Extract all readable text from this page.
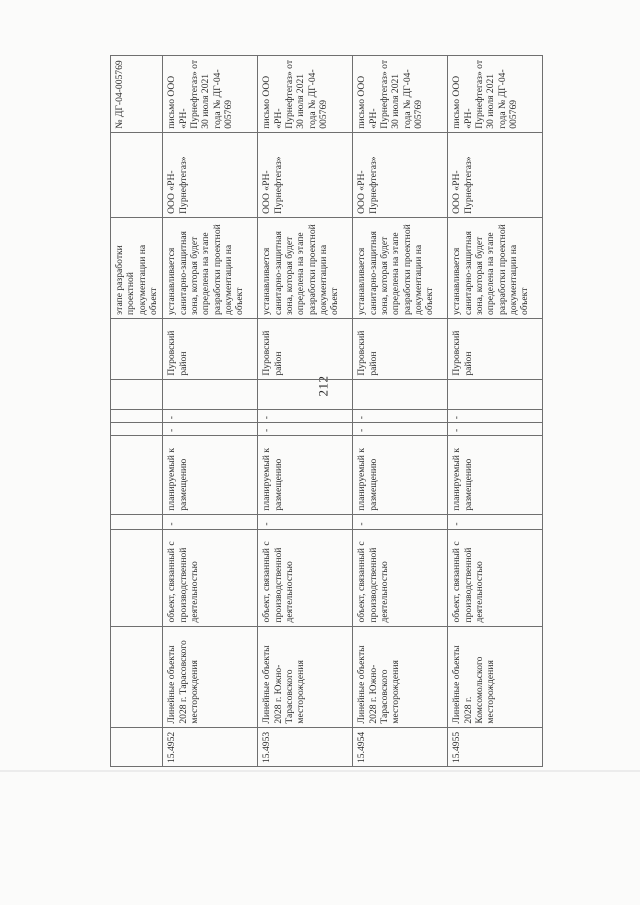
212
									этапе разработки проектной документации на объект		№ ДГ-04-005769
15.4952	Линейные объекты 2028 г. Тарасовского месторождения	объект, связанный с производственной деятельностью	-	планируемый к размещению	-	-		Пуровский район	устанавливается санитарно-защитная зона, которая будет определена на этапе разработки проектной документации на объект	ООО «РН-Пурнефтегаз»	письмо ООО «РН-Пурнефтегаз» от 30 июля 2021 года № ДГ-04-005769
15.4953	Линейные объекты 2028 г. Южно-Тарасовского месторождения	объект, связанный с производственной деятельностью	-	планируемый к размещению	-	-		Пуровский район	устанавливается санитарно-защитная зона, которая будет определена на этапе разработки проектной документации на объект	ООО «РН-Пурнефтегаз»	письмо ООО «РН-Пурнефтегаз» от 30 июля 2021 года № ДГ-04-005769
15.4954	Линейные объекты 2028 г. Южно-Тарасовского месторождения	объект, связанный с производственной деятельностью	-	планируемый к размещению	-	-		Пуровский район	устанавливается санитарно-защитная зона, которая будет определена на этапе разработки проектной документации на объект	ООО «РН-Пурнефтегаз»	письмо ООО «РН-Пурнефтегаз» от 30 июля 2021 года № ДГ-04-005769
15.4955	Линейные объекты 2028 г. Комсомольского месторождения	объект, связанный с производственной деятельностью	-	планируемый к размещению	-	-		Пуровский район	устанавливается санитарно-защитная зона, которая будет определена на этапе разработки проектной документации на объект	ООО «РН-Пурнефтегаз»	письмо ООО «РН-Пурнефтегаз» от 30 июля 2021 года № ДГ-04-005769
